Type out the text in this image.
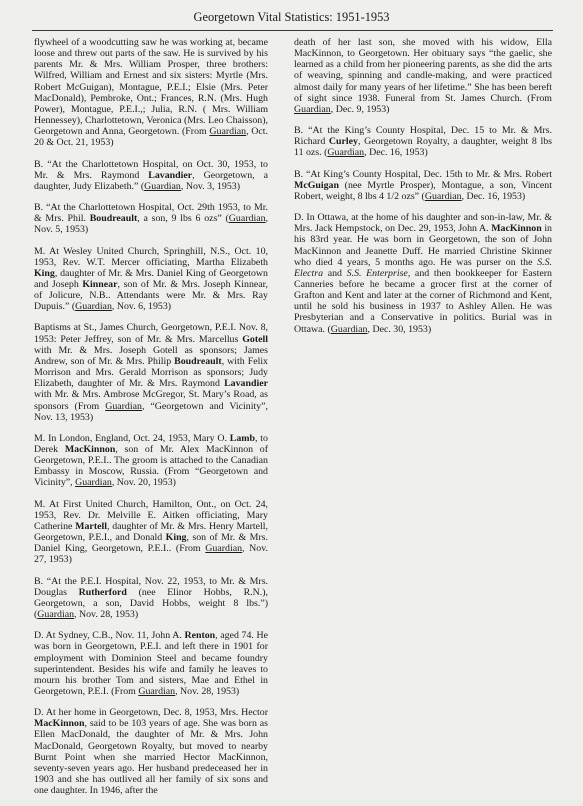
Georgetown Vital Statistics: 1951-1953

flywheel of a woodcutting saw he was working at, became loose and threw out parts of the saw. He is survived by his parents Mr. & Mrs. William Prosper, three brothers: Wilfred, William and Ernest and six sisters: Myrtle (Mrs. Robert McGuigan), Montague, P.E.I.; Elsie (Mrs. Peter MacDonald), Pembroke, Ont.; Frances, R.N. (Mrs. Hugh Power), Montague, P.E.I.,; Julia, R.N. ( Mrs. William Hennessey), Charlottetown, Veronica (Mrs. Leo Chaisson), Georgetown and Anna, Georgetown. (From Guardian, Oct. 20 & Oct. 21, 1953)

B. “At the Charlottetown Hospital, on Oct. 30, 1953, to Mr. & Mrs. Raymond Lavandier, Georgetown, a daughter, Judy Elizabeth.” (Guardian, Nov. 3, 1953)

B. “At the Charlottetown Hospital, Oct. 29th 1953, to Mr. & Mrs. Phil. Boudreault, a son, 9 lbs 6 ozs” (Guardian, Nov. 5, 1953)

M. At Wesley United Church, Springhill, N.S., Oct. 10, 1953, Rev. W.T. Mercer officiating, Martha Elizabeth King, daughter of Mr. & Mrs. Daniel King of Georgetown and Joseph Kinnear, son of Mr. & Mrs. Joseph Kinnear, of Jolicure, N.B.. Attendants were Mr. & Mrs. Ray Dupuis.” (Guardian, Nov. 6, 1953)

Baptisms at St., James Church, Georgetown, P.E.I. Nov. 8, 1953: Peter Jeffrey, son of Mr. & Mrs. Marcellus Gotell with Mr. & Mrs. Joseph Gotell as sponsors; James Andrew, son of Mr. & Mrs. Philip Boudreault, with Felix Morrison and Mrs. Gerald Morrison as sponsors; Judy Elizabeth, daughter of Mr. & Mrs. Raymond Lavandier with Mr. & Mrs. Ambrose McGregor, St. Mary’s Road, as sponsors (From Guardian, “Georgetown and Vicinity”, Nov. 13, 1953)

M. In London, England, Oct. 24, 1953, Mary O. Lamb, to Derek MacKinnon, son of Mr. Alex MacKinnon of Georgetown, P.E.I.. The groom is attached to the Canadian Embassy in Moscow, Russia. (From “Georgetown and Vicinity”, Guardian, Nov. 20, 1953)

M. At First United Church, Hamilton, Ont., on Oct. 24, 1953, Rev. Dr. Melville E. Aitken officiating, Mary Catherine Martell, daughter of Mr. & Mrs. Henry Martell, Georgetown, P.E.I., and Donald King, son of Mr. & Mrs. Daniel King, Georgetown, P.E.I.. (From Guardian, Nov. 27, 1953)

B. “At the P.E.I. Hospital, Nov. 22, 1953, to Mr. & Mrs. Douglas Rutherford (nee Elinor Hobbs, R.N.), Georgetown, a son, David Hobbs, weight 8 lbs.”) (Guardian, Nov. 28, 1953)

D. At Sydney, C.B., Nov. 11, John A. Renton, aged 74. He was born in Georgetown, P.E.I. and left there in 1901 for employment with Dominion Steel and became foundry superintendent. Besides his wife and family he leaves to mourn his brother Tom and sisters, Mae and Ethel in Georgetown, P.E.I. (From Guardian, Nov. 28, 1953)

D. At her home in Georgetown, Dec. 8, 1953, Mrs. Hector MacKinnon, said to be 103 years of age. She was born as Ellen MacDonald, the daughter of Mr. & Mrs. John MacDonald, Georgetown Royalty, but moved to nearby Burnt Point when she married Hector MacKinnon, seventy-seven years ago. Her husband predeceased her in 1903 and she has outlived all her family of six sons and one daughter. In 1946, after the

death of her last son, she moved with his widow, Ella MacKinnon, to Georgetown. Her obituary says “the gaelic, she learned as a child from her pioneering parents, as she did the arts of weaving, spinning and candle-making, and were practiced almost daily for many years of her lifetime.” She has been bereft of sight since 1938. Funeral from St. James Church. (From Guardian, Dec. 9, 1953)

B. “At the King’s County Hospital, Dec. 15 to Mr. & Mrs. Richard Curley, Georgetown Royalty, a daughter, weight 8 lbs 11 ozs. (Guardian, Dec. 16, 1953)

B. “At King’s County Hospital, Dec. 15th to Mr. & Mrs. Robert McGuigan (nee Myrtle Prosper), Montague, a son, Vincent Robert, weight, 8 lbs 4 1/2 ozs” (Guardian, Dec. 16, 1953)

D. In Ottawa, at the home of his daughter and son-in-law, Mr. & Mrs. Jack Hempstock, on Dec. 29, 1953, John A. MacKinnon in his 83rd year. He was born in Georgetown, the son of John MacKinnon and Jeanette Duff. He married Christine Skinner who died 4 years, 5 months ago. He was purser on the S.S. Electra and S.S. Enterprise, and then bookkeeper for Eastern Canneries before he became a grocer first at the corner of Grafton and Kent and later at the corner of Richmond and Kent, until he sold his business in 1937 to Ashley Allen. He was Presbyterian and a Conservative in politics. Burial was in Ottawa. (Guardian, Dec. 30, 1953)
